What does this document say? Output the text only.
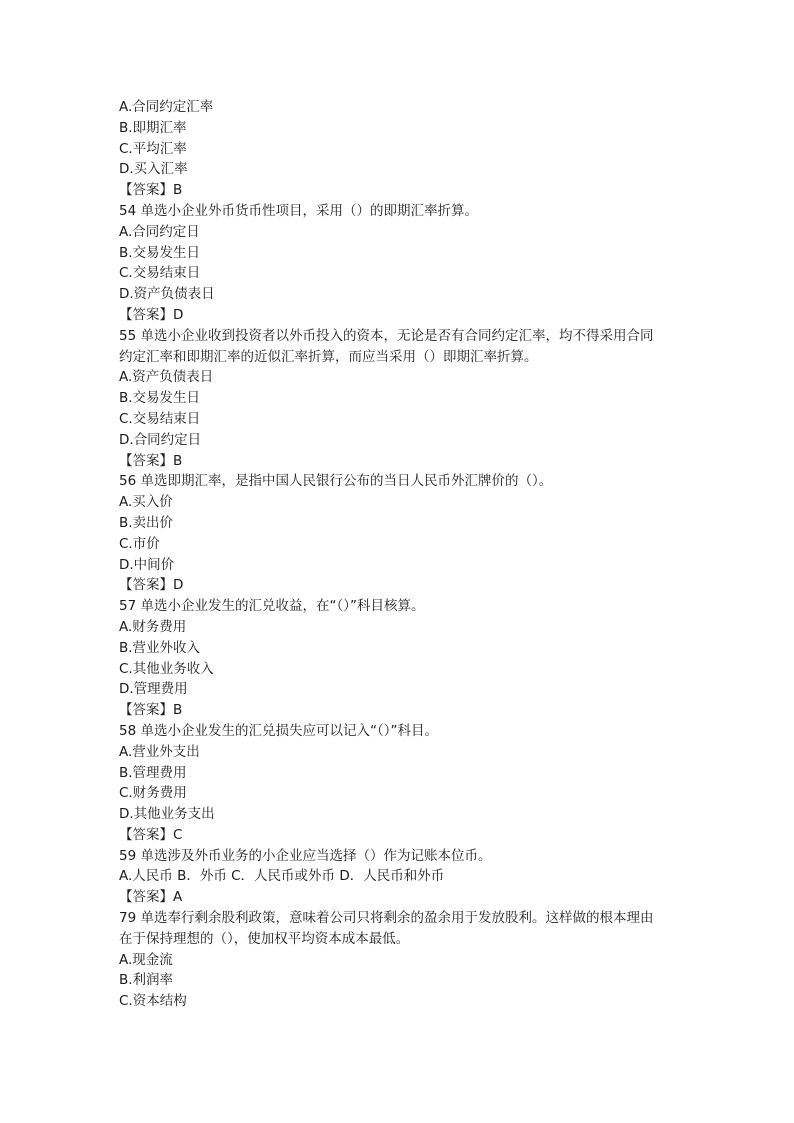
A.合同约定汇率

B.即期汇率

C.平均汇率

D.买入汇率

【答案】B

54 单选小企业外币货币性项目，采用（）的即期汇率折算。

A.合同约定日

B.交易发生日

C.交易结束日

D.资产负债表日

【答案】D

55 单选小企业收到投资者以外币投入的资本，无论是否有合同约定汇率，均不得采用合同

约定汇率和即期汇率的近似汇率折算，而应当采用（）即期汇率折算。

A.资产负债表日

B.交易发生日

C.交易结束日

D.合同约定日

【答案】B

56 单选即期汇率，是指中国人民银行公布的当日人民币外汇牌价的（）。

A.买入价

B.卖出价

C.市价

D.中间价

【答案】D

57 单选小企业发生的汇兑收益，在“（）”科目核算。

A.财务费用

B.营业外收入

C.其他业务收入

D.管理费用

【答案】B

58 单选小企业发生的汇兑损失应可以记入“（）”科目。

A.营业外支出

B.管理费用

C.财务费用

D.其他业务支出

【答案】C

59 单选涉及外币业务的小企业应当选择（）作为记账本位币。

A.人民币 B．外币 C．人民币或外币 D．人民币和外币

【答案】A

79 单选奉行剩余股利政策，意味着公司只将剩余的盈余用于发放股利。这样做的根本理由

在于保持理想的（），使加权平均资本成本最低。

A.现金流

B.利润率

C.资本结构
